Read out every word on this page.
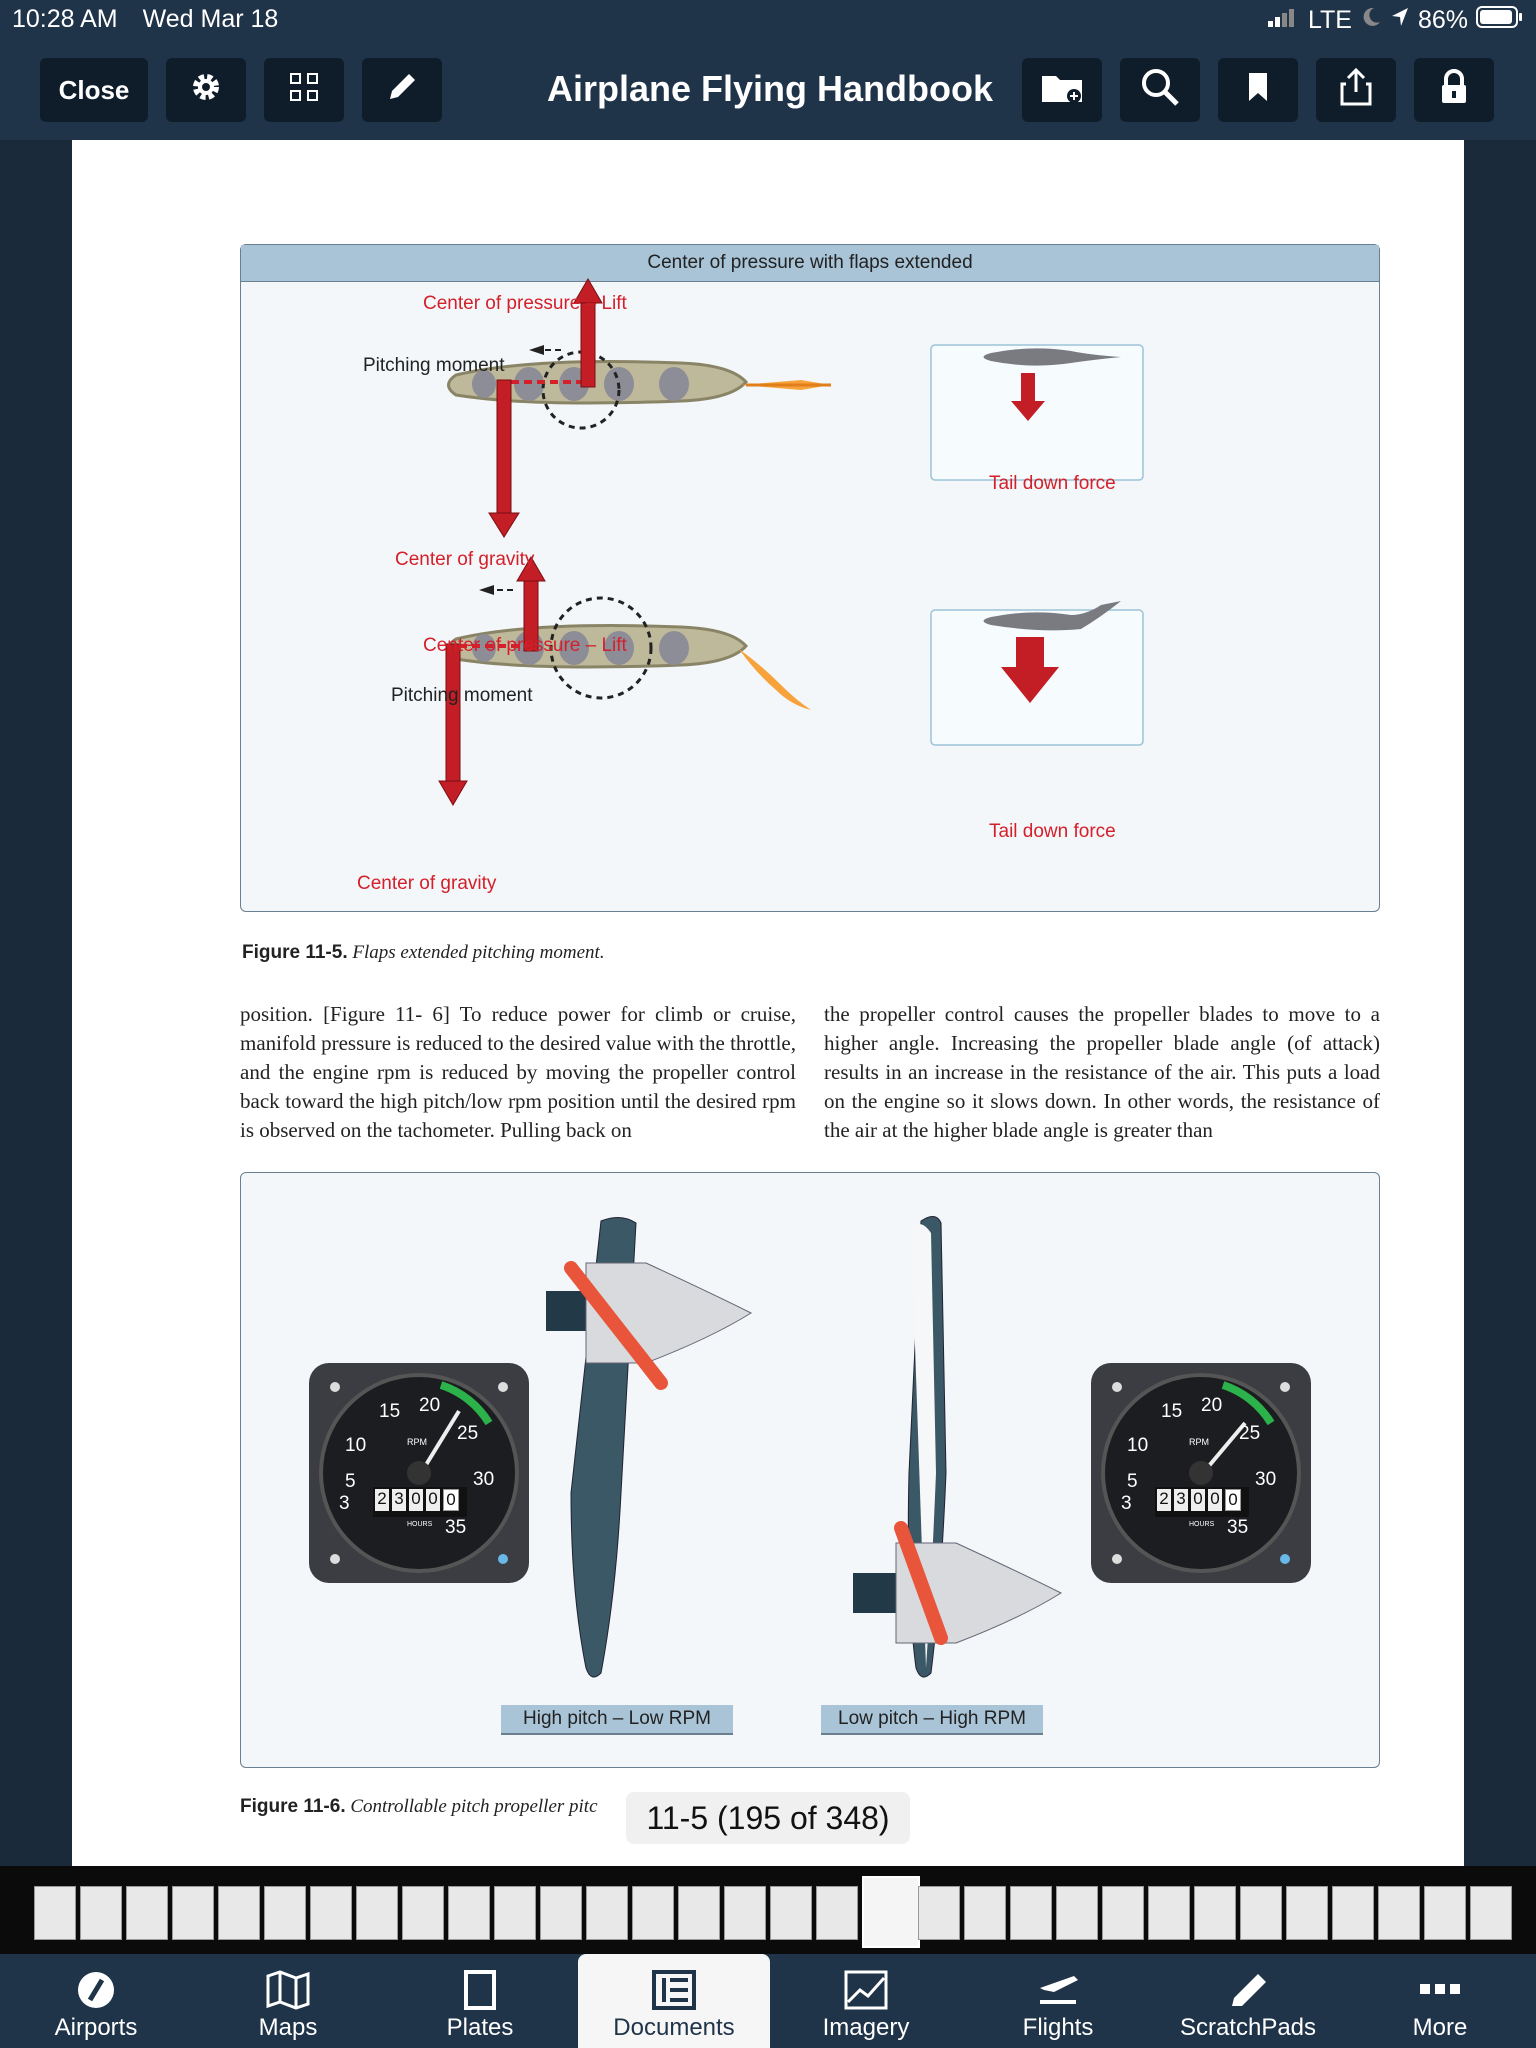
10:28 AM Wed Mar 18	LTE	86%
Close	Airplane Flying Handbook
Center of pressure with flaps extended
Center of pressure – Lift
Pitching moment
Center of gravity
Tail down force
Center of pressure – Lift
Pitching moment
Center of gravity
Tail down force
Figure 11-5. Flaps extended pitching moment.
position. [Figure 11- 6] To reduce power for climb or cruise, manifold pressure is reduced to the desired value with the throttle, and the engine rpm is reduced by moving the propeller control back toward the high pitch/low rpm position until the desired rpm is observed on the tachometer. Pulling back on
the propeller control causes the propeller blades to move to a higher angle. Increasing the propeller blade angle (of attack) results in an increase in the resistance of the air. This puts a load on the engine so it slows down. In other words, the resistance of the air at the higher blade angle is greater than
10
15 20
25
30
35
5
3
RPM
HOURS
2 3 0 0 0
10
15 20
25
30
35
5
3
RPM
HOURS
2 3 0 0 0
High pitch – Low RPM	Low pitch – High RPM
Figure 11-6. Controllable pitch propeller pitc	11-5 (195 of 348)
Airports	Maps	Plates	Documents	Imagery	Flights	ScratchPads	More
